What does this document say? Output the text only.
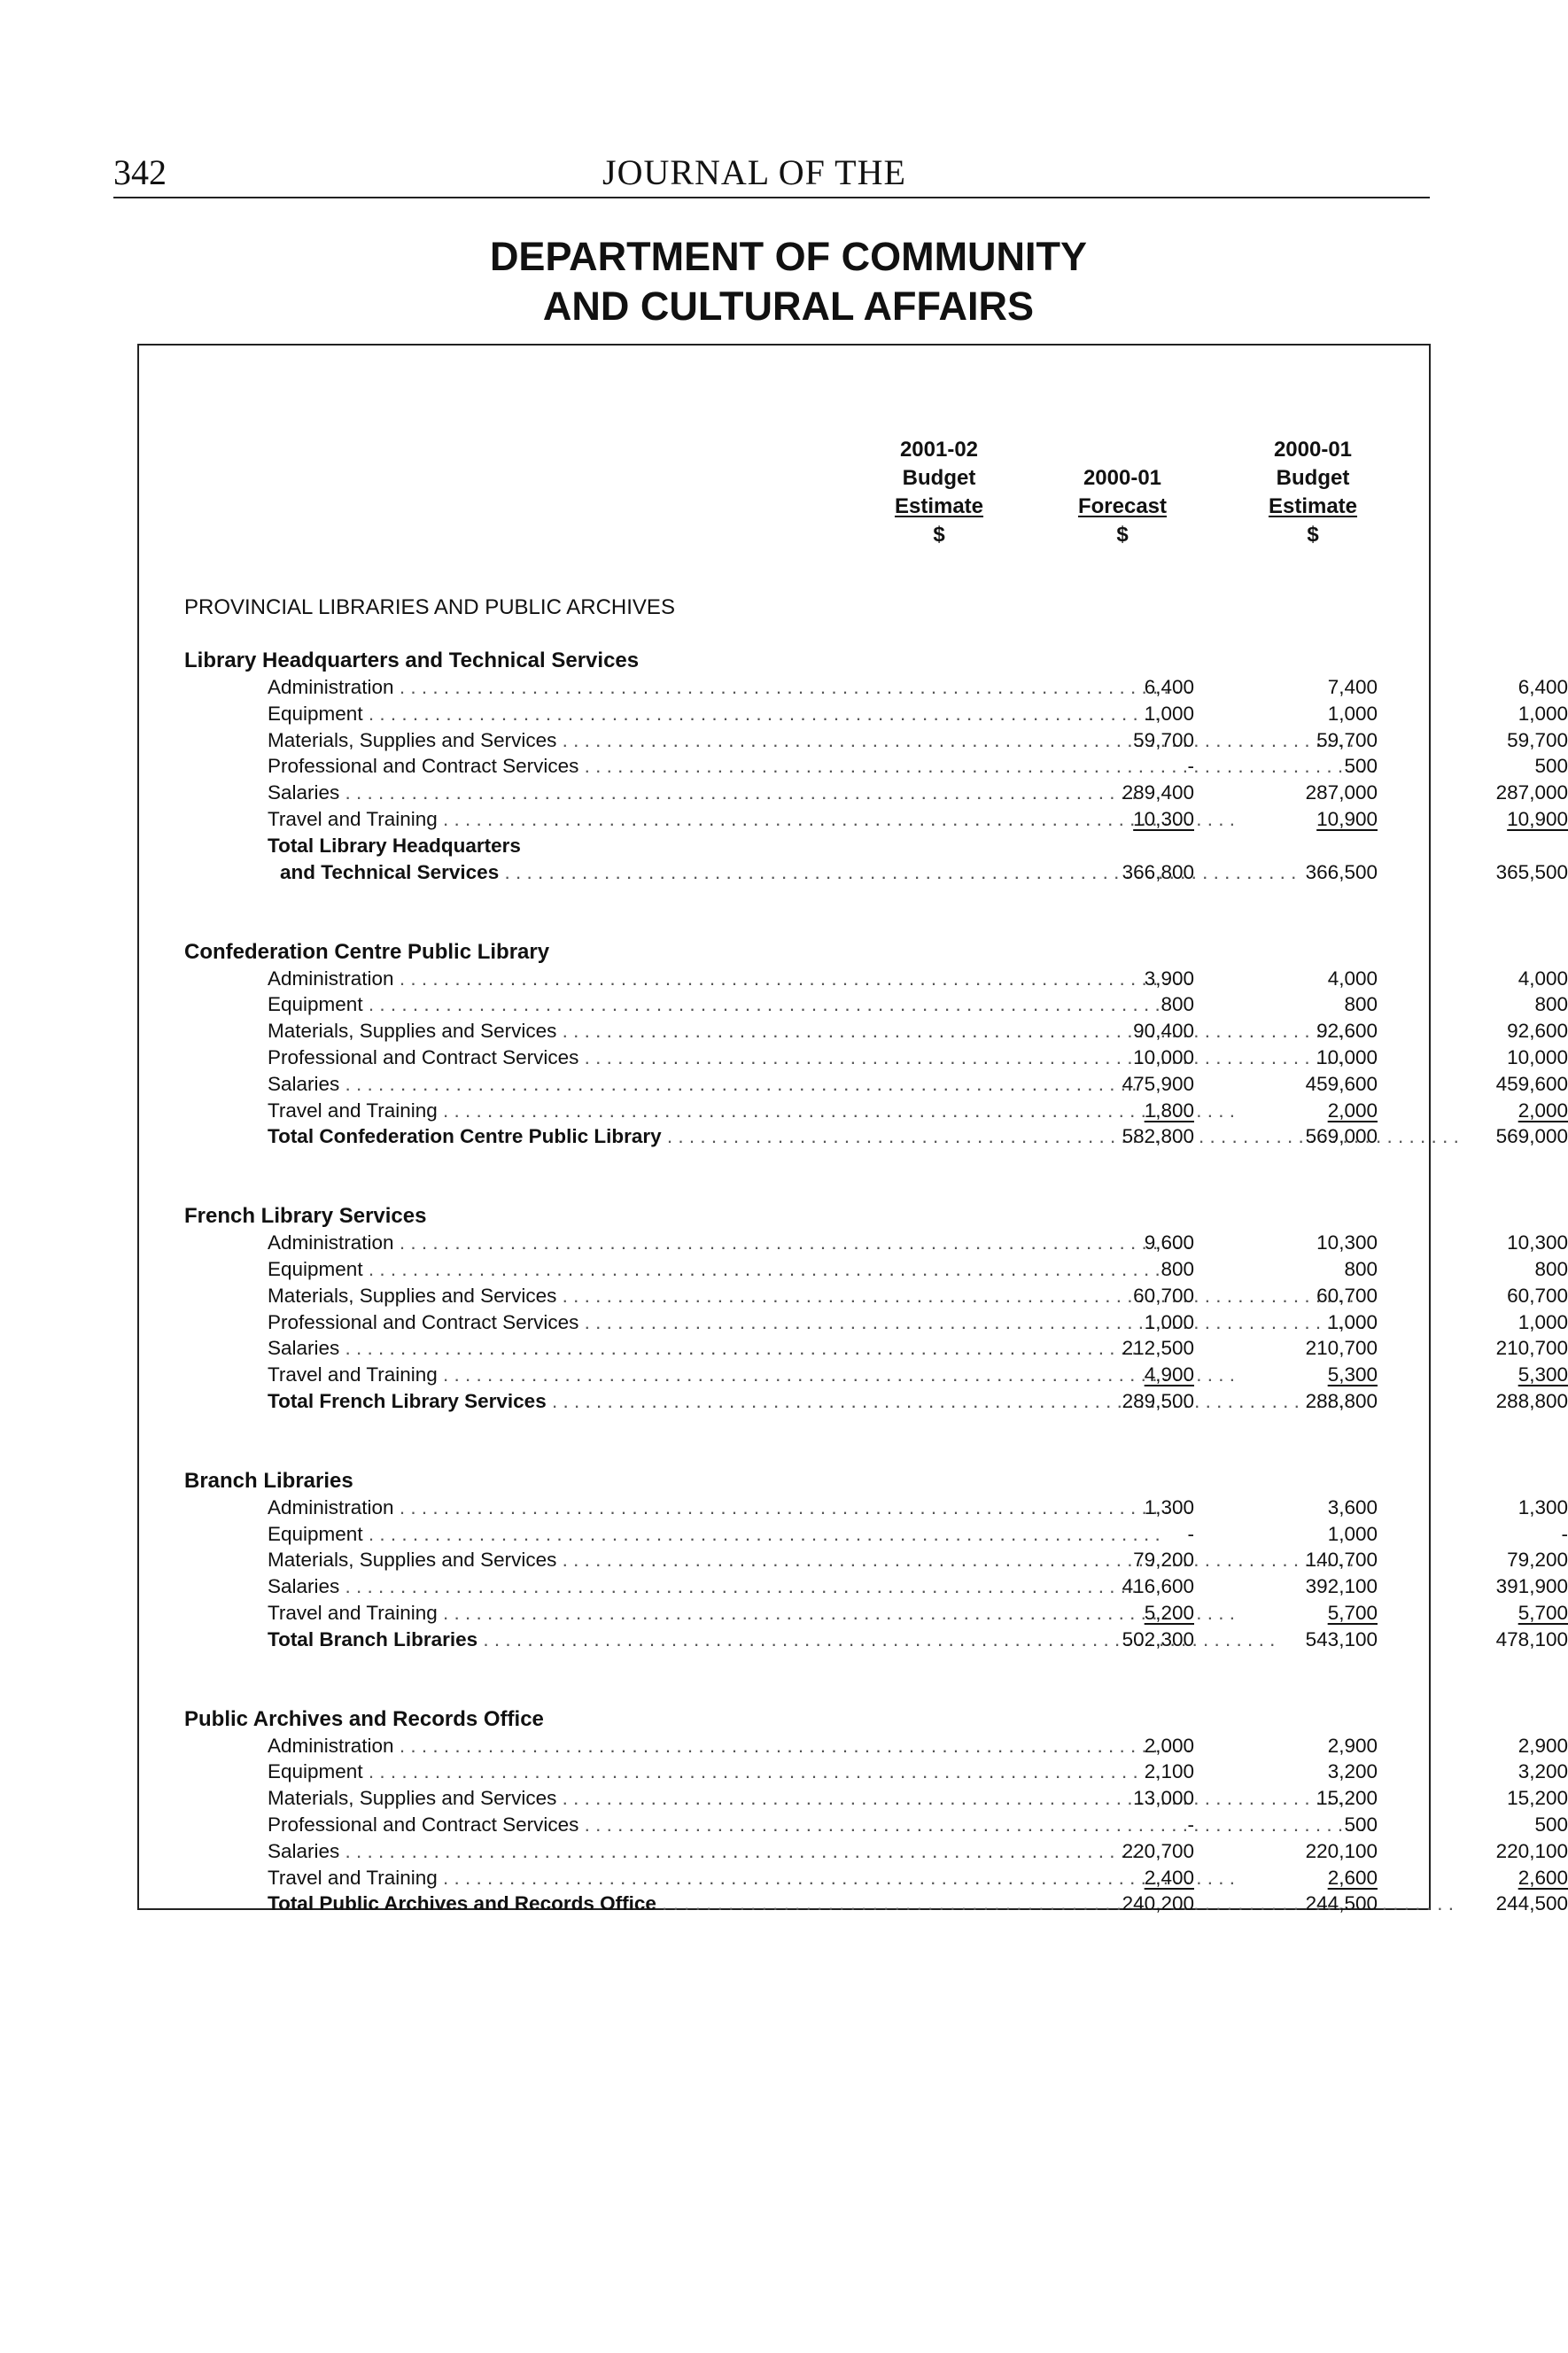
342	JOURNAL OF THE
DEPARTMENT OF COMMUNITY
AND CULTURAL AFFAIRS
2001-02
Budget
Estimate
$
2000-01
Forecast
$
2000-01
Budget
Estimate
$
PROVINCIAL LIBRARIES AND PUBLIC ARCHIVES
Library Headquarters and Technical Services
Administration . . .	6,400	7,400	6,400
Equipment . . .	1,000	1,000	1,000
Materials, Supplies and Services . . .	59,700	59,700	59,700
Professional and Contract Services . . .	-	500	500
Salaries . . .	289,400	287,000	287,000
Travel and Training . . .	10,300	10,900	10,900
Total Library Headquarters
and Technical Services . . .	366,800	366,500	365,500
Confederation Centre Public Library
Administration . . .	3,900	4,000	4,000
Equipment . . .	800	800	800
Materials, Supplies and Services . . .	90,400	92,600	92,600
Professional and Contract Services . . .	10,000	10,000	10,000
Salaries . . .	475,900	459,600	459,600
Travel and Training . . .	1,800	2,000	2,000
Total Confederation Centre Public Library . . .	582,800	569,000	569,000
French Library Services
Administration . . .	9,600	10,300	10,300
Equipment . . .	800	800	800
Materials, Supplies and Services . . .	60,700	60,700	60,700
Professional and Contract Services . . .	1,000	1,000	1,000
Salaries . . .	212,500	210,700	210,700
Travel and Training . . .	4,900	5,300	5,300
Total French Library Services . . .	289,500	288,800	288,800
Branch Libraries
Administration . . .	1,300	3,600	1,300
Equipment . . .	-	1,000	-
Materials, Supplies and Services . . .	79,200	140,700	79,200
Salaries . . .	416,600	392,100	391,900
Travel and Training . . .	5,200	5,700	5,700
Total Branch Libraries . . .	502,300	543,100	478,100
Public Archives and Records Office
Administration . . .	2,000	2,900	2,900
Equipment . . .	2,100	3,200	3,200
Materials, Supplies and Services . . .	13,000	15,200	15,200
Professional and Contract Services . . .	-	500	500
Salaries . . .	220,700	220,100	220,100
Travel and Training . . .	2,400	2,600	2,600
Total Public Archives and Records Office . . .	240,200	244,500	244,500
